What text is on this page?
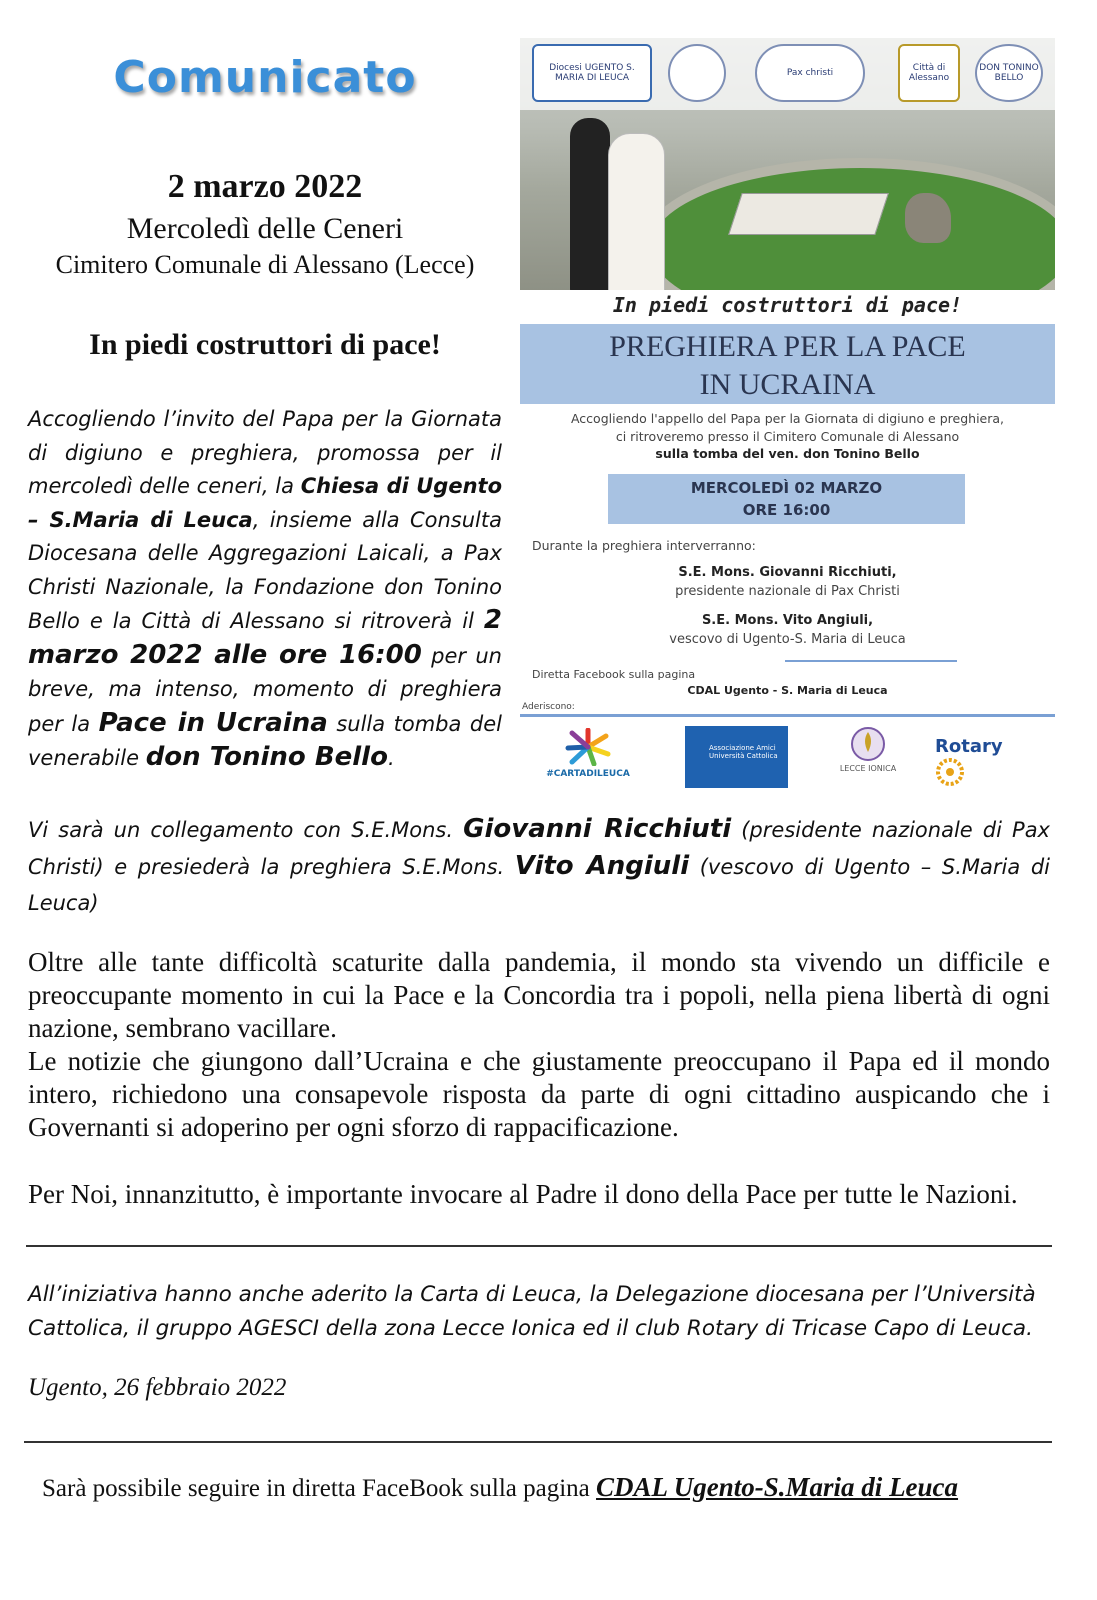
Comunicato
2 marzo 2022
Mercoledì delle Ceneri
Cimitero Comunale di Alessano (Lecce)
In piedi costruttori di pace!
Accogliendo l’invito del Papa per la Giornata di digiuno e preghiera, promossa per il mercoledì delle ceneri, la Chiesa di Ugento – S.Maria di Leuca, insieme alla Consulta Diocesana delle Aggregazioni Laicali, a Pax Christi Nazionale, la Fondazione don Tonino Bello e la Città di Alessano si ritroverà il 2 marzo 2022 alle ore 16:00 per un breve, ma intenso, momento di preghiera per la Pace in Ucraina sulla tomba del venerabile don Tonino Bello.
Diocesi UGENTO S. MARIA DI LEUCA	Pax christi	Città di Alessano
DON TONINO BELLO
In piedi costruttori di pace!
PREGHIERA PER LA PACE
IN UCRAINA
Accogliendo l'appello del Papa per la Giornata di digiuno e preghiera,
ci ritroveremo presso il Cimitero Comunale di Alessano
sulla tomba del ven. don Tonino Bello
MERCOLEDÌ 02 MARZO
ORE 16:00
Durante la preghiera interverranno:
S.E. Mons. Giovanni Ricchiuti,
presidente nazionale di Pax Christi
S.E. Mons. Vito Angiuli,
vescovo di Ugento-S. Maria di Leuca
Diretta Facebook sulla pagina
CDAL Ugento - S. Maria di Leuca
Aderiscono:
#CARTADILEUCA
Associazione Amici Università Cattolica
LECCE IONICA
Rotary
Vi sarà un collegamento con S.E.Mons. Giovanni Ricchiuti (presidente nazionale di Pax Christi) e presiederà la preghiera S.E.Mons. Vito Angiuli (vescovo di Ugento – S.Maria di Leuca)
Oltre alle tante difficoltà scaturite dalla pandemia, il mondo sta vivendo un difficile e preoccupante momento in cui la Pace e la Concordia tra i popoli, nella piena libertà di ogni nazione, sembrano vacillare.
Le notizie che giungono dall’Ucraina e che giustamente preoccupano il Papa ed il mondo intero, richiedono una consapevole risposta da parte di ogni cittadino auspicando che i Governanti si adoperino per ogni sforzo di rappacificazione.
Per Noi, innanzitutto, è importante invocare al Padre il dono della Pace per tutte le Nazioni.
All’iniziativa hanno anche aderito la Carta di Leuca, la Delegazione diocesana per l’Università Cattolica, il gruppo AGESCI della zona Lecce Ionica ed il club Rotary di Tricase Capo di Leuca.
Ugento, 26 febbraio 2022
Sarà possibile seguire in diretta FaceBook sulla pagina CDAL Ugento-S.Maria di Leuca
